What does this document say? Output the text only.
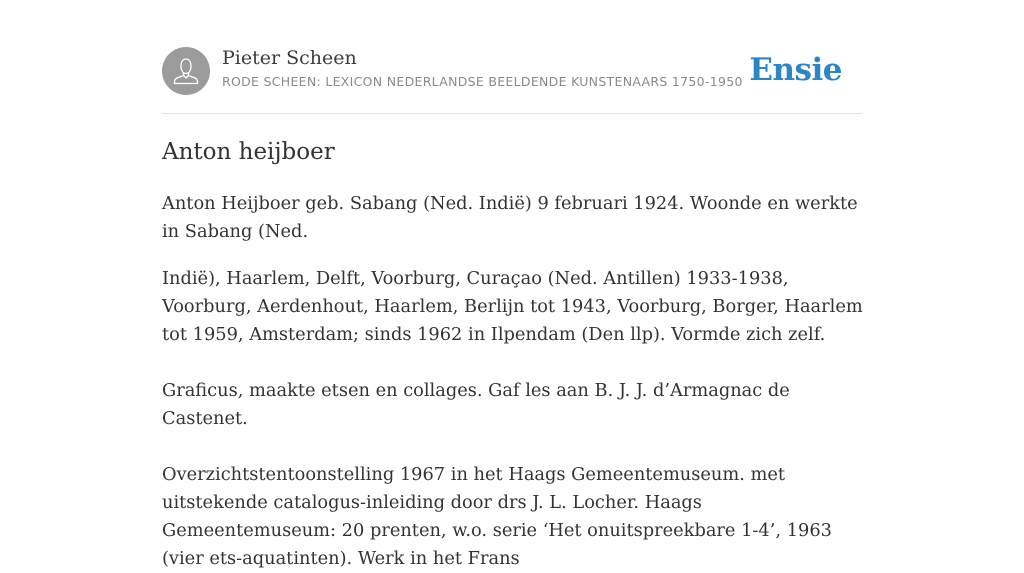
Pieter Scheen
RODE SCHEEN: LEXICON NEDERLANDSE BEELDENDE KUNSTENAARS 1750-1950 Ensie
Anton heijboer

Anton Heijboer geb. Sabang (Ned. Indië) 9 februari 1924. Woonde en werkte in Sabang (Ned.

Indië), Haarlem, Delft, Voorburg, Curaçao (Ned. Antillen) 1933-1938, Voorburg, Aerdenhout, Haarlem, Berlijn tot 1943, Voorburg, Borger, Haarlem tot 1959, Amsterdam; sinds 1962 in Ilpendam (Den llp). Vormde zich zelf.

Graficus, maakte etsen en collages. Gaf les aan B. J. J. d’Armagnac de Castenet.

Overzichtstentoonstelling 1967 in het Haags Gemeentemuseum. met uitstekende catalogus-inleiding door drs J. L. Locher. Haags Gemeentemuseum: 20 prenten, w.o. serie ‘Het onuitspreekbare 1-4’, 1963 (vier ets-aquatinten). Werk in het Frans
